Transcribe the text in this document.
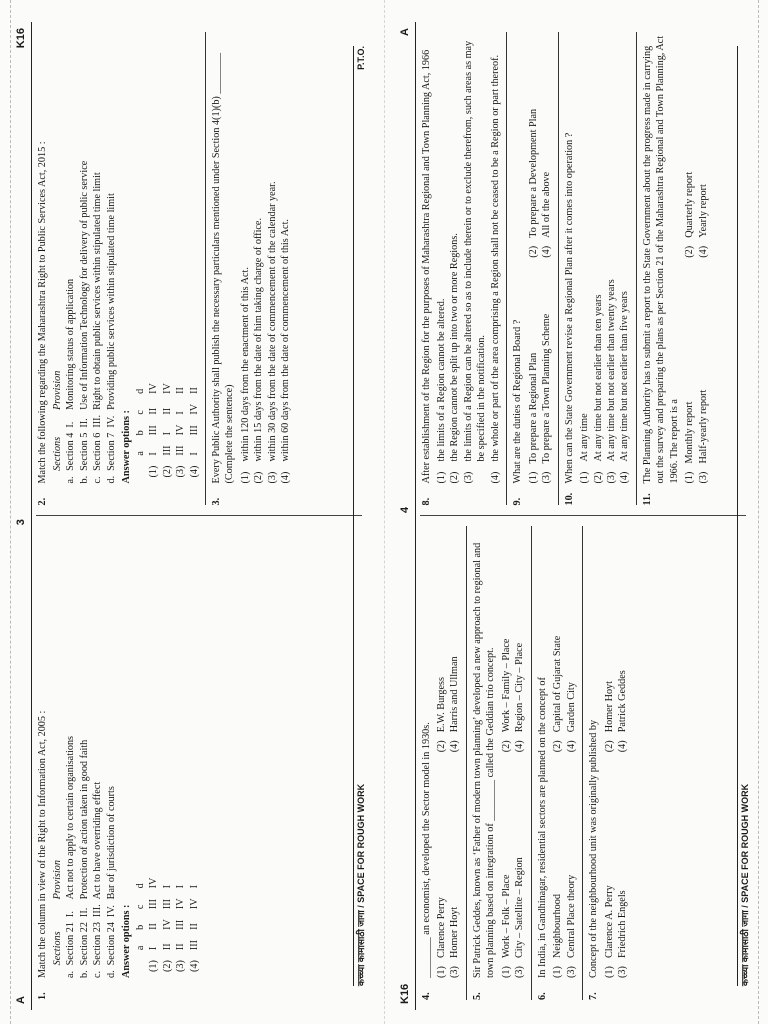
A
3
K16
1.
Match the column in view of the Right to Information Act, 2005 :
	Sections		Provision
a.	Section 21	I.	Act not to apply to certain organisations
b.	Section 22	II.	Protection of action taken in good faith
c.	Section 23	III.	Act to have overriding effect
d.	Section 24	IV.	Bar of jurisdiction of courts
Answer options :
	a	b	c	d
(1)	I	II	III	IV
(2)	II	IV	III	I
(3)	II	III	IV	I
(4)	III	II	IV	I
2.
Match the following regarding the Maharashtra Right to Public Services Act, 2015 :
	Sections		Provision
a.	Section 4	I.	Monitoring status of application
b.	Section 5	II.	Use of Information Technology for delivery of public service
c.	Section 6	III.	Right to obtain public services within stipulated time limit
d.	Section 7	IV.	Providing public services within stipulated time limit
Answer options :
	a	b	c	d
(1)	I	III	II	IV
(2)	III	I	II	IV
(3)	III	IV	I	II
(4)	I	III	IV	II
3.
Every Public Authority shall publish the necessary particulars mentioned under Section 4(1)(b) ________ (Complete the sentence) (1)
within 120 days from the enactment of this Act.
(2)
within 15 days from the date of him taking charge of office.
(3)
within 30 days from the date of commencement of the calendar year.
(4)
within 60 days from the date of commencement of this Act.
कच्च्या कामासाठी जागा / SPACE FOR ROUGH WORK
P.T.O.
K16
4
A
4.
________ an economist, developed the Sector model in 1930s. (1)
Clarence Perry
(2)
E.W. Burgess
(3)
Homer Hoyt
(4)
Harris and Ullman
5.
Sir Patrick Geddes, known as ‘Father of modern town planning’ developed a new approach to regional and town planning based on integration of ________ called the Geddian trio concept. (1)
Work – Folk – Place
(2)
Work – Family – Place
(3)
City – Satellite – Region
(4)
Region – City – Place
6.
In India, in Gandhinagar, residential sectors are planned on the concept of (1)
Neighbourhood
(2)
Capital of Gujarat State
(3)
Central Place theory
(4)
Garden City
7.
Concept of the neighbourhood unit was originally published by (1)
Clarence A. Perry
(2)
Homer Hoyt
(3)
Friedrich Engels
(4)
Patrick Geddes
8.
After establishment of the Region for the purposes of Maharashtra Regional and Town Planning Act, 1966 (1)
the limits of a Region cannot be altered.
(2)
the Region cannot be split up into two or more Regions.
(3)
the limits of a Region can be altered so as to include therein or to exclude therefrom, such areas as may be specified in the notification.
(4)
the whole or part of the area comprising a Region shall not be ceased to be a Region or part thereof.
9.
What are the duties of Regional Board ? (1)
To prepare a Regional Plan
(2)
To prepare a Development Plan
(3)
To prepare a Town Planning Scheme
(4)
All of the above
10.
When can the State Government revise a Regional Plan after it comes into operation ? (1)
At any time
(2)
At any time but not earlier than ten years
(3)
At any time but not earlier than twenty years
(4)
At any time but not earlier than five years
11.
The Planning Authority has to submit a report to the State Government about the progress made in carrying out the survey and preparing the plans as per Section 21 of the Maharashtra Regional and Town Planning, Act 1966. The report is a (1)
Monthly report
(2)
Quarterly report
(3)
Half-yearly report
(4)
Yearly report
कच्च्या कामासाठी जागा / SPACE FOR ROUGH WORK
